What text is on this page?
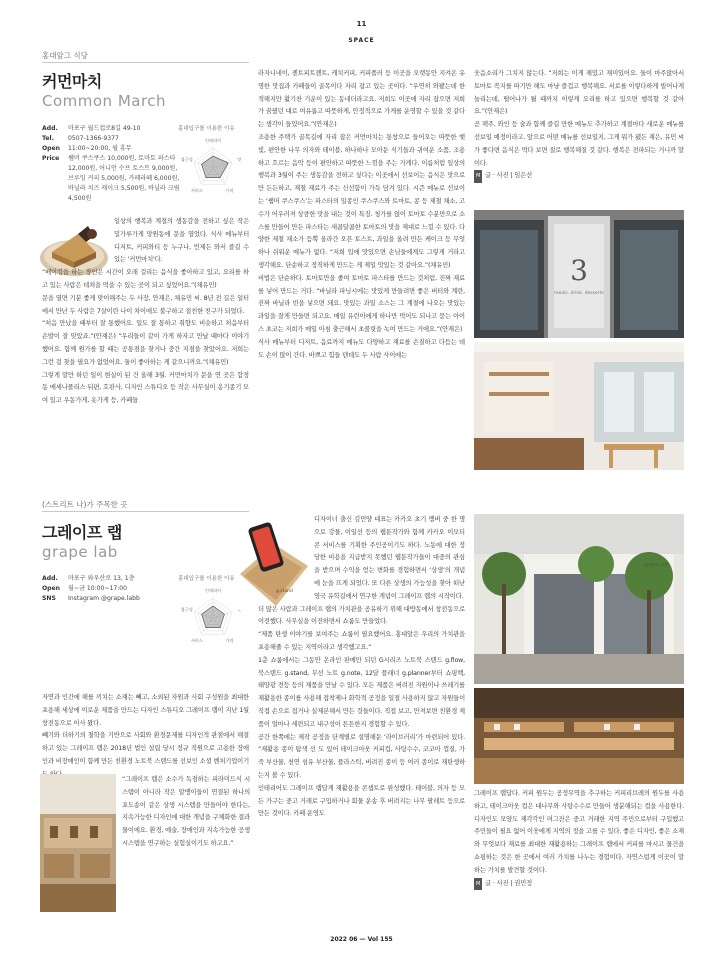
11
SPACE
홍대앞그 식당
커먼마치
Common March
Add. 마포구 월드컵로8길 49-10
Tel. 0507-1366-9377
Open 11:00~20:00, 월 휴무
Price 쌤머 쿠스쿠스 10,000원, 토마토 파스타 12,000원, 어니언 수프 토스트 9,000원, 브루잉 커피 5,000원, 카페라떼 6,000원, 바닐라 치즈 케이크 5,500원, 바닐라 크림 4,500원
홍대입구를 이용한 이유
인테리어
맛
가격
서비스
접근성

일상의 행복과 계절의 생동감을 전하고 싶은 작은 밀가루가게 망원동에 문을 열었다. 식사 메뉴부터 디저트, 커피와티 등 누구나, 언제든 와서 즐길 수 있는 '커먼마치'다.

“베이킹을 하는 장인은 시간이 오래 걸리는 음식을 좋아하고 있고, 요리를 하고 있는 사람은 데쳐을 먹을 수 있는 곳이 되고 싶었어요.”(채유민)

문을 열면 기분 좋게 맞이해주는 두 사장, 안재은, 채유민 씨. 8년 전 길은 일터에서 만난 두 사람은 7살이란 나이 차이에도 불구하고 절친한 친구가 되었다.

“처음 만났을 때부터 잘 통했어요. 일도 잘 통하고 취향도 비슷하고 처음부터 손발이 잘 맞았죠.”(안재은) “우리들이 같이 가게 하자고 만날 때마다 이야기했어요. 함께 원가를 할 때는 공통점을 찾거나 중간 지점을 찾았어요. 저희는 그런 걸 찾을 필요가 없었어요. 둘이 좋아하는 게 같으니까요.”(채유민)

그렇게 말만 하던 일이 현실이 된 건 올해 3월. 커먼마치가 문을 연 곳은 합정동 메세나폴리스 뒤편, 호판사, 디자인 스튜디오 등 작은 사무실이 옹기종기 모여 있고 우동가게, 옷가게 등, 카페들

라자니네이, 젠트피트젠트, 캐치커피, 커피플러 등 이곳을 오랫동안 지켜온 유명한 맛집과 카페들이 골목이다 자리 잡고 있는 곳이다. “우연히 와봤는데 한적해지만 활기찬 기운이 있는 동네더라고요. 저희도 이곳에 자리 잡으면 저희가 꿈꿨던 대로 여유롭고 따뜻하게, 안정적으로 가게를 운영할 수 있을 것 같다는 생각이 들었어요.”(안재은)

조용한 주택가 골목길에 자리 잡은 커먼마치는 통창으로 들어오는 따뜻한 햇빛, 편안한 나무 의자와 테이블, 하나하나 모아둔 식기들과 귀여운 소품, 조용하고 흐르는 음악 등이 편안하고 따뜻한 느낌을 주는 가게다. 이름처럼 일상의 행복과 3월이 주는 생동감을 전하고 싶다는 이곳에서 선보이는 음식은 맛으로만 든든하고, 재철 재료가 주는 신선함이 가득 담겨 있다. 시즌 메뉴로 선보이는 ‘쌤머 쿠스쿠스’는 파스타의 일종인 쿠스쿠스와 토마토, 콩 등 제철 채소, 고수가 어우러져 상큼한 맛을 내는 것이 특징. 청가를 얹이 토마토 수분만으로 소스를 만들어 만든 파스타는 새콤달콤한 토마토의 맛을 제대로 느낄 수 있다. 다양한 제철 채소가 듬뿍 올라간 오픈 토스트, 과일을 올려 만든 케이크 등 무엇 하나 쉬워운 메뉴가 없다. “저희 입에 맛있으면 손님들에게도 그렇게 거라고 생각해요. 단순하고 정직하게 만드는 게 제일 맛있는 것 같아요.”(채유민)

비법은 단순하다. 토마토만을 졸여 토마토 파스타를 만드는 것처럼, 진짜 재료를 넣어 만드는 거다. “바닐라 파닝시에는 맛있게 만들려면 좋은 버터와 계란, 진짜 바닐라 빈을 넣으면 돼요. 맛있는 과일 소스는 그 계절에 나오는 맛있는 과일을 잘게 만들면 되고요. 매일 유린이에게 하나만 먹어도 되나고 묻는 아이스 초코는 저희가 매일 아침 출근해서 초콜릿을 녹여 만드는 거에요.”(안재은)

식사 메뉴부터 디저트, 음료까지 메뉴도 다양하고 재료를 손질하고 다듬는 데도 손이 많이 간다. 바쁘고 힘들 텐데도 두 사람 사이에는

웃음소리가 그치지 않는다. “저희는 이게 재밌고 재미있어요. 둘이 마주앉아서 토마토 꼭지를 따기만 해도 마냥 즐겁고 행복해요. 서로를 이렇다하게 빌어나게 놀리는데, 떨어나가 될 때까지 이렇게 요리를 하고 있으면 행복할 것 같아요.”(안재은)

곧 팩주, 와인 등 술과 함께 즐길 만한 메뉴도 추가하고 계절마다 새로운 메뉴를 선보일 예정이라고. 앞으로 어떤 메뉴를 선보일지, 그게 뭐가 됐든 재은, 유민 씨가 좋다면 음식은 먹다 보면 절로 행복해질 것 같다. 행복은 전파되는 거니까 말이다.

M 글 · 사진 | 임은선

3
meals. drink. desserts
(스트리트 나)가 주목한 곳
그레이프 랩
grape lab
Add. 마포구 와우산로 13, 1층
Open 월~금 10:00~17:00
SNS Instagram @grape.labb
홍대입구를 이용한 이유
인테리어
가격
서비스
접근성
g.stand

자연과 인간에 해를 끼치는 소재는 빼고, 소외된 자원과 사회 구성원을 최대한 포용해 세상에 이로운 제품을 만드는 디자인 스튜디오 그레이프 랩이 지난 1월 창전동으로 이사 왔다.

빼기와 더하기의 철학을 기반으로 사회와 환경문제를 디자인적 관점에서 해결하고 있는 그레이프 랩은 2018년 법인 설립 당시 정규 직원으로 고용한 장애인과 비장애인이 함께 만든 친환경 노트북 스탠드를 선보인 소셜 벤처기업이기

“그레이프 랩은 소수가 독점하는 피라미드식 시스템이 아니라 작은 알맹이들이 연결된 하나의 포도송이 같은 상생 시스템을 만들어야 한다는, 지속가능한 디자인에 대한 개념을 구체화한 결과물이에요. 환경, 예술, 장애인과 지속가능한 공생 시스템을 연구하는 실험실이기도 하고요.”

디자이너 출신 김민양 대표는 카카오 초기 멤버 중 한 명으로 강물, 이일선 등의 웹툰작가와 함께 카카오 이모티콘 서비스를 기획한 주인공이기도 하다. 노동에 대한 정당한 비용을 지급받지 못했던 웹툰작가들이 대중의 관심을 받으며 수익을 얻는 변화를 경험하면서 ‘상생’의 개념에 눈을 뜨게 되었다. 또 다른 상생의 가능성을 찾아 떠난 영국 유학길에서 연구한 개념이 그레이프 랩의 시작이다.

더 많은 사람과 그레이프 랩의 가치관을 공유하기 위해 대방동에서 창전동으로 이전했다. 사무실을 이전하면서 쇼룸도 만들었다.

“제품 탄생 이야기를 보여주는 쇼룸이 필요했어요. 홍대앞은 우리의 가치관을 포용해줄 수 있는 지역이라고 생각했고요.”

1층 쇼룸에서는 그동안 온라인 판매만 되던 G시리즈 노트북 스탠드 g.flow, 북스탠드 g.stand, 무선 노트 g.note, 12달 플래너 g.planner부터 쇼핑백, 태양광 전등 등의 제품을 만날 수 있다. 모든 제품은 버려진 자원이나 쓰레기를 재활용한 종이를 사용해 접착제나 화학적 공정을 일절 사용하지 않고 자원들이 직접 손으로 접거나 실제본해서 만든 것들이다. 직접 보고, 만져보면 친환경 제품이 얼마나 세련되고 내구성이 튼튼한지 경험할 수 있다.

공간 한쪽에는 제작 공정을 단계별로 설명해둔 ‘라이브러리’가 마련되어 있다. “재활용 종이 탐색 선 도 있어 테이크아웃 커피컵, 사탕수수, 코코아 껍질, 가죽 부산물, 천연 섬유 부산물, 플라스틱, 버려진 종이 등 여러 종이로 재탄생하는지 볼 수 있다.

인테리어도 그레이프 랩답게 재활용을 콘셉트로 완성했다. 테이블, 의자 등 모든 가구는 중고 거래로 구입하거나 회물 운송 후 버려지는 나무 팔레트 등으로 만든 것이다. 카페 운영도

grape lab

그레이프 랩답다. 커피 원두는 공정무역을 추구하는 커피리브레의 원두를 사용하고, 테이크아웃 컵은 대나무와 사탕수수로 만들어 생분해되는 컵을 사용한다. 디자인도 모양도 제각각인 머그잔은 중고 거래한 지역 주민으로부터 구입했고 주민들이 필요 없어 이웃에게 지역의 정을 고를 수 있다. 좋은 디자인, 좋은 소재와 무엇보다 재료를 최대한 재활용하는 그레이프 랩에서 커피를 마시고 물건을 쇼핑하는 것은 한 곳에서 여러 가치를 나누는 경험이다. 자연스럽게 이곳이 말하는 가치를 발견할 것이다.

M 글 · 사진 | 권민정

2022 06 — Vol 155
